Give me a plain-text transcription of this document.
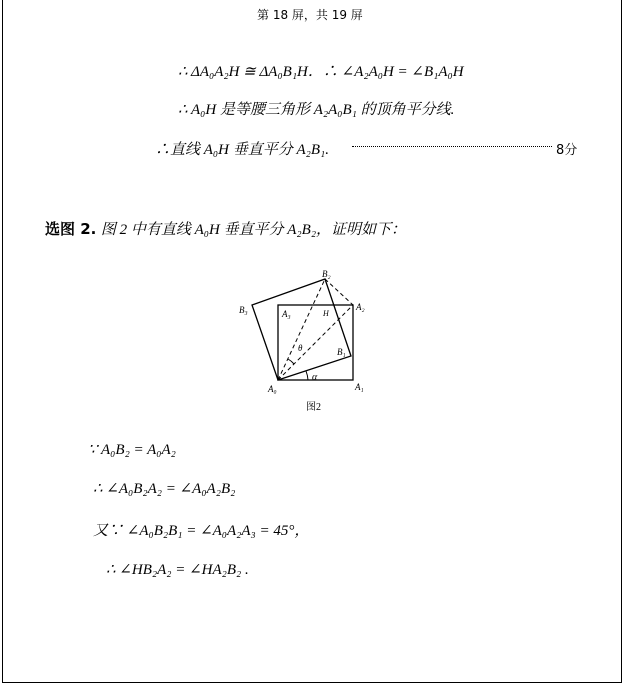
第 18 屏，共 19 屏
∴ ΔA₀A₂H ≅ ΔA₀B₁H．∴ ∠A₂A₀H = ∠B₁A₀H
∴ A₀H 是等腰三角形 A₂A₀B₁ 的顶角平分线.
∴直线 A₀H 垂直平分 A₂B₁.	8分
选图 2. 图 2 中有直线 A₀H 垂直平分 A₂B₂，证明如下：
B₂
B₃	A₂
A₃	H
θ	B₁
A₀	A₁
α
图2
∵ A₀B₂ = A₀A₂
∴ ∠A₀B₂A₂ = ∠A₀A₂B₂
又∵ ∠A₀B₂B₁ = ∠A₀A₂A₃ = 45°，
∴ ∠HB₂A₂ = ∠HA₂B₂ .
